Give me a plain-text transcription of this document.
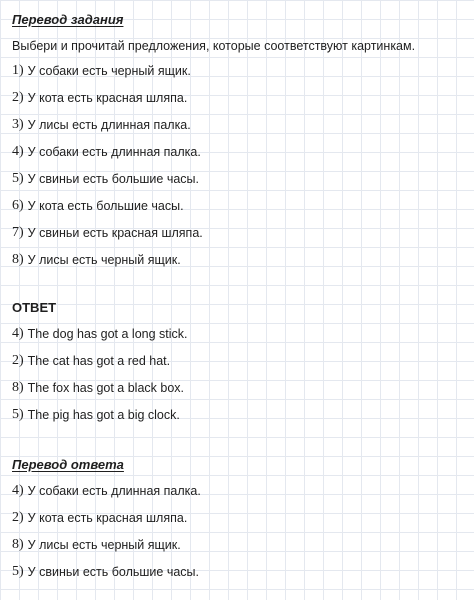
Перевод задания

Выбери и прочитай предложения, которые соответствуют картинкам.

1) У собаки есть черный ящик.
2) У кота есть красная шляпа.
3) У лисы есть длинная палка.
4) У собаки есть длинная палка.
5) У свиньи есть большие часы.
6) У кота есть большие часы.
7) У свиньи есть красная шляпа.
8) У лисы есть черный ящик.
ОТВЕТ
4) The dog has got a long stick.
2) The cat has got a red hat.
8) The fox has got a black box.
5) The pig has got a big clock.
Перевод ответа
4) У собаки есть длинная палка.
2) У кота есть красная шляпа.
8) У лисы есть черный ящик.
5) У свиньи есть большие часы.
